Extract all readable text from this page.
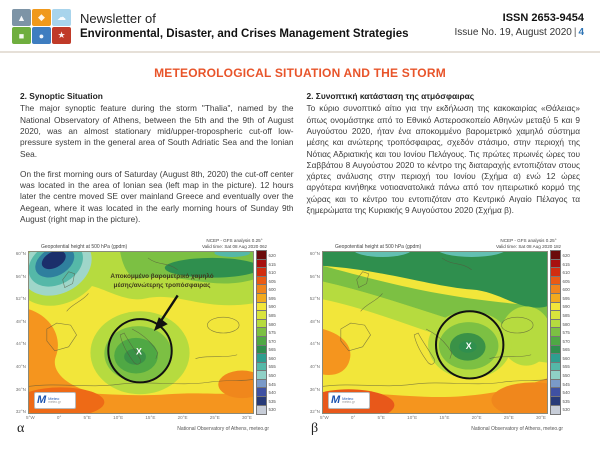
▲	◆	☁
■	●	★
Newsletter of
Environmental, Disaster, and Crises Management Strategies
ISSN 2653-9454
Issue No. 19, August 2020 | 4
METEOROLOGICAL SITUATION AND THE STORM
2. Synoptic Situation

The major synoptic feature during the storm "Thalia", named by the National Observatory of Athens, between the 5th and the 9th of August 2020, was an almost stationary mid/upper-tropospheric cut-off low-pressure system in the general area of South Adriatic Sea and the Ionian Sea.

On the first morning ours of Saturday (August 8th, 2020) the cut-off center was located in the area of Ionian sea (left map in the picture). 12 hours later the centre moved SE over mainland Greece and eventually over the Aegean, where it was located in the early morning hours of Sunday 9th August (right map in the picture).

2. Συνοπτική κατάσταση της ατμόσφαιρας

Το κύριο συνοπτικό αίτιο για την εκδήλωση της κακοκαιρίας «Θάλειας» όπως ονομάστηκε από το Εθνικό Αστεροσκοπείο Αθηνών μεταξύ 5 και 9 Αυγούστου 2020, ήταν ένα αποκομμένο βαρομετρικό χαμηλό σύστημα μέσης και ανώτερης τροπόσφαιρας, σχεδόν στάσιμο, στην περιοχή της Νότιας Αδριατικής και του Ιονίου Πελάγους. Τις πρώτες πρωινές ώρες του Σαββάτου 8 Αυγούστου 2020 το κέντρο της διαταραχής εντοπιζόταν στους χάρτες ανάλυσης στην περιοχή του Ιονίου (Σχήμα α) ενώ 12 ώρες αργότερα κινήθηκε νοτιοανατολικά πάνω από τον ηπειρωτικό κορμό της χώρας και το κέντρο του εντοπιζόταν στο Κεντρικό Αιγαίο Πέλαγος τα ξημερώματα της Κυριακής 9 Αυγούστου 2020 (Σχήμα β).

Geopotential height at 500 hPa (gpdm)
NCEP - GFS analysis 0.25°
Valid time: Sat 08 Aug 2020 06z
60°N
56°N
52°N
48°N
44°N
40°N
36°N
32°N
X
Αποκομμένο βαρομετρικό χαμηλό
μέσης/ανώτερης τροπόσφαιρας
M Meteo
meteo.gr
620
615
610
605
600
595
590
585
580
575
570
565
560
555
550
545
540
535
530
5°W	0°	5°E	10°E	15°E	20°E	25°E	30°E
α	National Observatory of Athens, meteo.gr
Geopotential height at 500 hPa (gpdm)
NCEP - GFS analysis 0.25°
Valid time: Sat 08 Aug 2020 18z
60°N
56°N
52°N
48°N
44°N
40°N
36°N
32°N
X
M Meteo
meteo.gr
620
615
610
605
600
595
590
585
580
575
570
565
560
555
550
545
540
535
530
5°W	0°	5°E	10°E	15°E	20°E	25°E	30°E
β	National Observatory of Athens, meteo.gr
